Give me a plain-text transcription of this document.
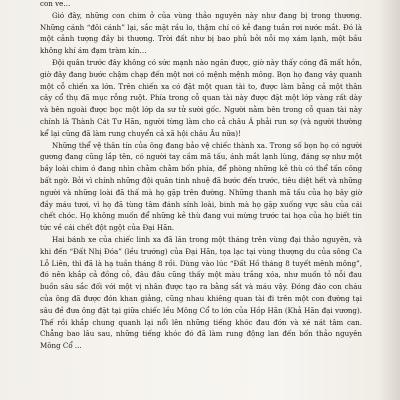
con ve…

Gió đây, những con chim ở của vùng thảo nguyên này như đang bị trong thương. Những cánh “đôi cánh” lại, sắc mặt rầu lo, thậm chí có kẻ đang tuần rơi nước mắt. Đó là một cảnh tượng đầy bi thương. Trời đất như bị bao phủ bởi nỗi mọ xám lạnh, một bầu không khí ám đạm tràm kín…

Đội quân trước đây không có sức mạnh nào ngăn được, giờ này thấy cóng đã mất hồn, giờ đây đang bước chậm chạp đến một nơi có mệnh mệnh mông. Bọn họ đang vây quanh một cỗ chiến xa lớn. Trên chiến xa có đặt một quan tài to, được làm bằng cả một thân cây cổ thụ đã mục rỗng ruột. Phía trong cỗ quan tài này được đặt một lớp vàng rất dày và bên ngoài được bọc một lớp da sư tử sười gốc. Người nằm bên trong cỗ quan tài này chính là Thành Cát Tư Hãn, người từng làm cho cả châu Á phải run sợ (và người thường kể lại cũng đã làm rung chuyển cả xã hội châu Âu nữa)!

Những thể vệ thân tín của ông đang bảo vệ chiếc thành xa. Trong số bọn họ có người gương đang cũng lắp tên, có người tay cầm mã tấu, ánh mắt lạnh lùng, đáng sợ như một bầy loài chim ó đang nhìn chằm chằm bốn phía, để phòng những kẻ thù có thể tấn công bất ngờ. Bởi vì chính những đội quân tinh nhuệ đã bước đến trước, tiêu diệt hết và những người và những loài đã thấ mà họ gặp trên đường. Những thanh mã tấu của họ bây giờ đầy máu tươi, vì họ đã tùng tâm đánh sính loài, binh mà họ gặp xuống vực sâu của cái chết chóc. Họ không muốn để những kẻ thù đang vui mừng trước tai họa của họ biết tin tức về cái chết đột ngột của Đại Hãn.

Hai bánh xe của chiếc linh xa đã lăn trong một tháng trên vùng đại thảo nguyên, và khi đến “Đất Nhị Đóa” (lều trướng) của Đại Hãn, tọa lạc tại vùng thượng du của sông Ca Lỗ Liên, thì đã là hạ tuần tháng 8 rồi. Dùng vào lúc “Đất Hồ tháng 8 tuyết mênh mông”, đó nên khắp cả đồng cỏ, đâu đâu cũng thấy một màu trắng xóa, như muốn tỏ nỗi đau buồn sâu sắc đối với một vị nhân được tạo ra bằng sắt và máu vậy. Đóng đáo con cháu của ông đã được đón khan giảng, cũng nhau khiêng quan tài đi trên một con đường tại sâu đề đưa ông đặt tại giữa chiếc lều Mông Cổ to lớn của Hồp Hãn (Khả Hãn đại vương). Thế rồi khắp chung quanh lại nổi lên những tiếng khóc đau đớn và xé nát tâm can. Chẳng bao lâu sau, những tiếng khóc đó đã làm rung động lan đến bốn thảo nguyên Mông Cổ ...
